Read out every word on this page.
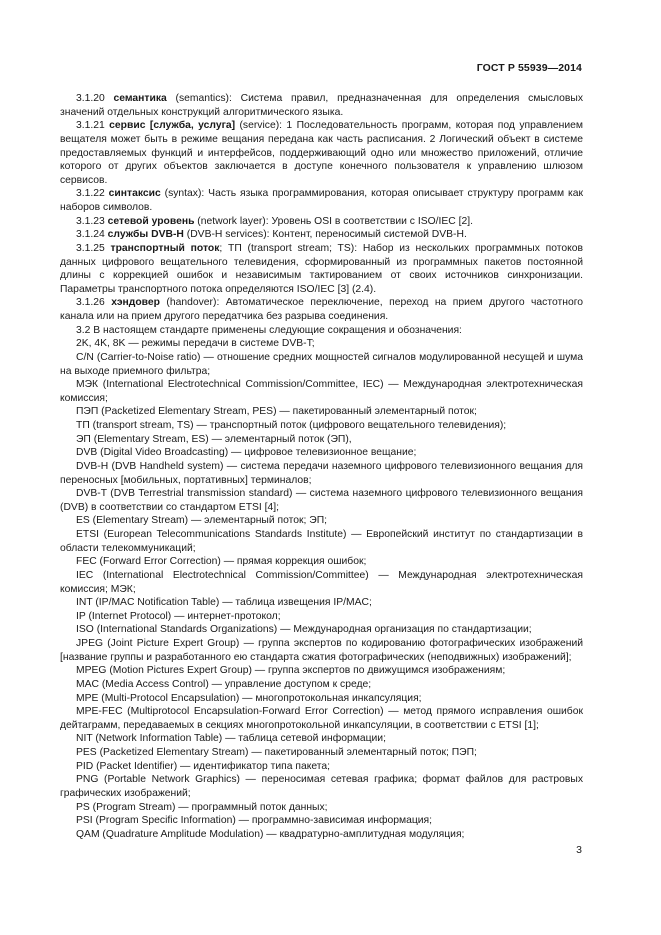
ГОСТ Р 55939—2014

3.1.20 семантика (semantics): Система правил, предназначенная для определения смысловых значений отдельных конструкций алгоритмического языка.

3.1.21 сервис [служба, услуга] (service): 1 Последовательность программ, которая под управлением вещателя может быть в режиме вещания передана как часть расписания. 2 Логический объект в системе предоставляемых функций и интерфейсов, поддерживающий одно или множество приложений, отличие которого от других объектов заключается в доступе конечного пользователя к управлению шлюзом сервисов.

3.1.22 синтаксис (syntax): Часть языка программирования, которая описывает структуру программ как наборов символов.

3.1.23 сетевой уровень (network layer): Уровень OSI в соответствии с ISO/IEC [2].

3.1.24 службы DVB-H (DVB-H services): Контент, переносимый системой DVB-H.

3.1.25 транспортный поток; ТП (transport stream; TS): Набор из нескольких программных потоков данных цифрового вещательного телевидения, сформированный из программных пакетов постоянной длины с коррекцией ошибок и независимым тактированием от своих источников синхронизации. Параметры транспортного потока определяются ISO/IEC [3] (2.4).

3.1.26 хэндовер (handover): Автоматическое переключение, переход на прием другого частотного канала или на прием другого передатчика без разрыва соединения.

3.2 В настоящем стандарте применены следующие сокращения и обозначения:

2K, 4K, 8K — режимы передачи в системе DVB-T;

C/N (Carrier-to-Noise ratio) — отношение средних мощностей сигналов модулированной несущей и шума на выходе приемного фильтра;

МЭК (International Electrotechnical Commission/Committee, IEC) — Международная электротехническая комиссия;

ПЭП (Packetized Elementary Stream, PES) — пакетированный элементарный поток;

ТП (transport stream, TS) — транспортный поток (цифрового вещательного телевидения);

ЭП (Elementary Stream, ES) — элементарный поток (ЭП),

DVB (Digital Video Broadcasting) — цифровое телевизионное вещание;

DVB-H (DVB Handheld system) — система передачи наземного цифрового телевизионного вещания для переносных [мобильных, портативных] терминалов;

DVB-T (DVB Terrestrial transmission standard) — система наземного цифрового телевизионного вещания (DVB) в соответствии со стандартом ETSI [4];

ES (Elementary Stream) — элементарный поток; ЭП;

ETSI (European Telecommunications Standards Institute) — Европейский институт по стандартизации в области телекоммуникаций;

FEC (Forward Error Correction) — прямая коррекция ошибок;

IEC (International Electrotechnical Commission/Committee) — Международная электротехническая комиссия; МЭК;

INT (IP/MAC Notification Table) — таблица извещения IP/MAC;

IP (Internet Protocol) — интернет-протокол;

ISO (International Standards Organizations) — Международная организация по стандартизации;

JPEG (Joint Picture Expert Group) — группа экспертов по кодированию фотографических изображений [название группы и разработанного ею стандарта сжатия фотографических (неподвижных) изображений];

MPEG (Motion Pictures Expert Group) — группа экспертов по движущимся изображениям;

MAC (Media Access Control) — управление доступом к среде;

MPE (Multi-Protocol Encapsulation) — многопротокольная инкапсуляция;

MPE-FEC (Multiprotocol Encapsulation-Forward Error Correction) — метод прямого исправления ошибок дейтаграмм, передаваемых в секциях многопротокольной инкапсуляции, в соответствии с ETSI [1];

NIT (Network Information Table) — таблица сетевой информации;

PES (Packetized Elementary Stream) — пакетированный элементарный поток; ПЭП;

PID (Packet Identifier) — идентификатор типа пакета;

PNG (Portable Network Graphics) — переносимая сетевая графика; формат файлов для растровых графических изображений;

PS (Program Stream) — программный поток данных;

PSI (Program Specific Information) — программно-зависимая информация;

QAM (Quadrature Amplitude Modulation) — квадратурно-амплитудная модуляция;

3
